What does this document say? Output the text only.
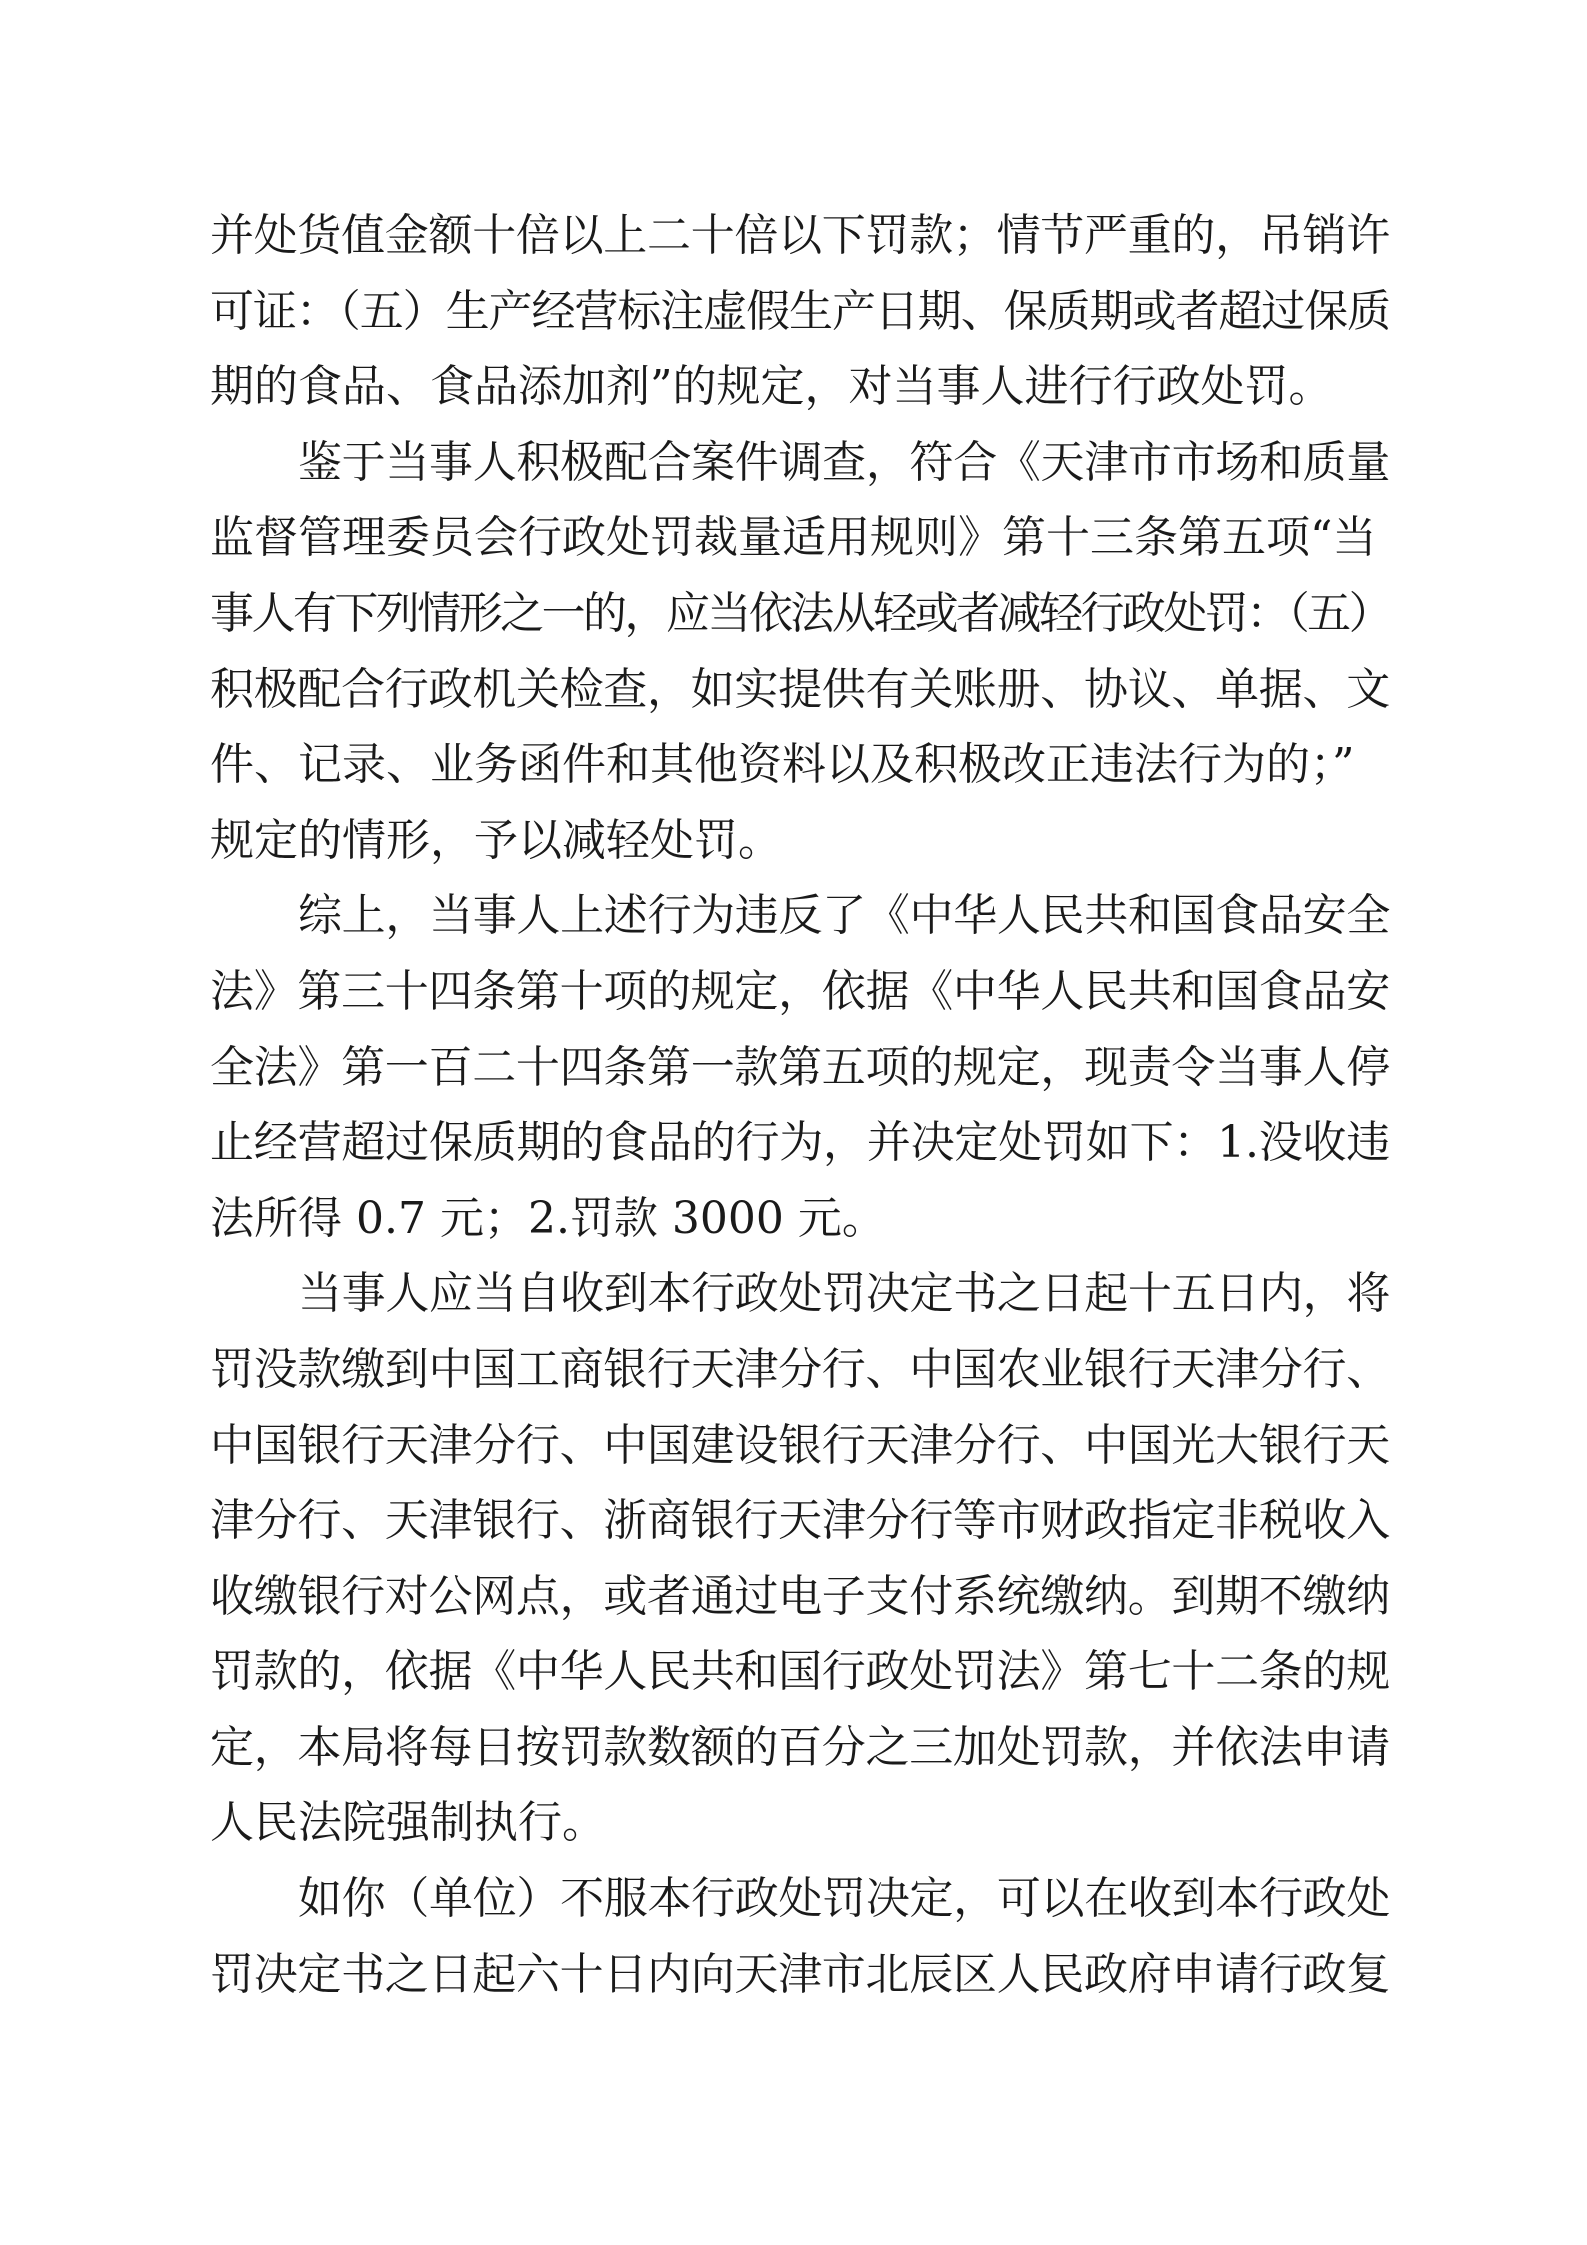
并处货值金额十倍以上二十倍以下罚款；情节严重的，吊销许
可证：（五）生产经营标注虚假生产日期、保质期或者超过保质
期的食品、食品添加剂”的规定，对当事人进行行政处罚。
鉴于当事人积极配合案件调查，符合《天津市市场和质量
监督管理委员会行政处罚裁量适用规则》第十三条第五项“当
事人有下列情形之一的，应当依法从轻或者减轻行政处罚：（五）
积极配合行政机关检查，如实提供有关账册、协议、单据、文
件、记录、业务函件和其他资料以及积极改正违法行为的；”
规定的情形，予以减轻处罚。
综上，当事人上述行为违反了《中华人民共和国食品安全
法》第三十四条第十项的规定，依据《中华人民共和国食品安
全法》第一百二十四条第一款第五项的规定，现责令当事人停
止经营超过保质期的食品的行为，并决定处罚如下：1.没收违
法所得 0.7 元；2.罚款 3000 元。
当事人应当自收到本行政处罚决定书之日起十五日内，将
罚没款缴到中国工商银行天津分行、中国农业银行天津分行、
中国银行天津分行、中国建设银行天津分行、中国光大银行天
津分行、天津银行、浙商银行天津分行等市财政指定非税收入
收缴银行对公网点，或者通过电子支付系统缴纳。到期不缴纳
罚款的，依据《中华人民共和国行政处罚法》第七十二条的规
定，本局将每日按罚款数额的百分之三加处罚款，并依法申请
人民法院强制执行。
如你（单位）不服本行政处罚决定，可以在收到本行政处
罚决定书之日起六十日内向天津市北辰区人民政府申请行政复
